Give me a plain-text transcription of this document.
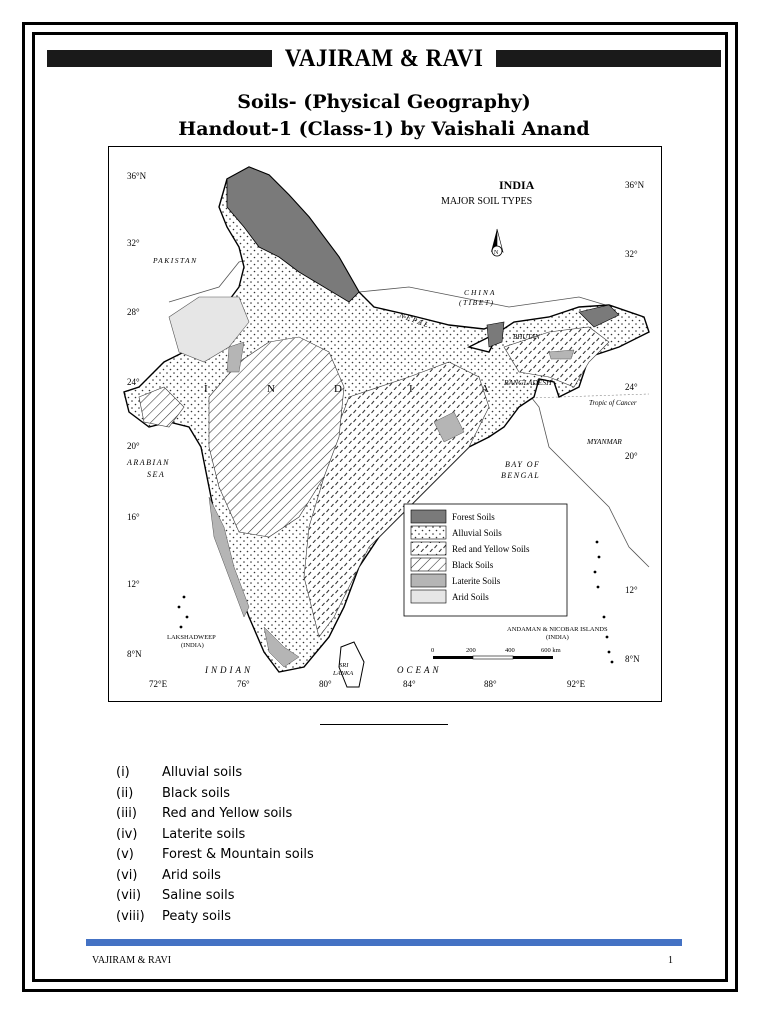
VAJIRAM & RAVI
Soils- (Physical Geography)
Handout-1 (Class-1) by Vaishali Anand
INDIA
MAJOR SOIL TYPES
N
36°N
32°
28°
24°
20°
16°
12°
8°N
36°N
32°
24°
20°
12°
8°N
72°E	76°	80°	84°	88°	92°E
PAKISTAN
CHINA
(TIBET)
NEPAL
BHUTAN
BANGLADESH
MYANMAR
ARABIAN
SEA
BAY OF
BENGAL
I	N	D	I	A
Tropic of Cancer
LAKSHADWEEP
(INDIA)
ANDAMAN & NICOBAR ISLANDS
(INDIA)
SRI
LANKA
INDIAN	OCEAN
Forest Soils
Alluvial Soils
Red and Yellow Soils
Black Soils
Laterite Soils
Arid Soils
0	200	400	600 km
(i) Alluvial soils
(ii) Black soils
(iii) Red and Yellow soils
(iv) Laterite soils
(v) Forest & Mountain soils
(vi) Arid soils
(vii) Saline soils
(viii) Peaty soils
VAJIRAM & RAVI	1
